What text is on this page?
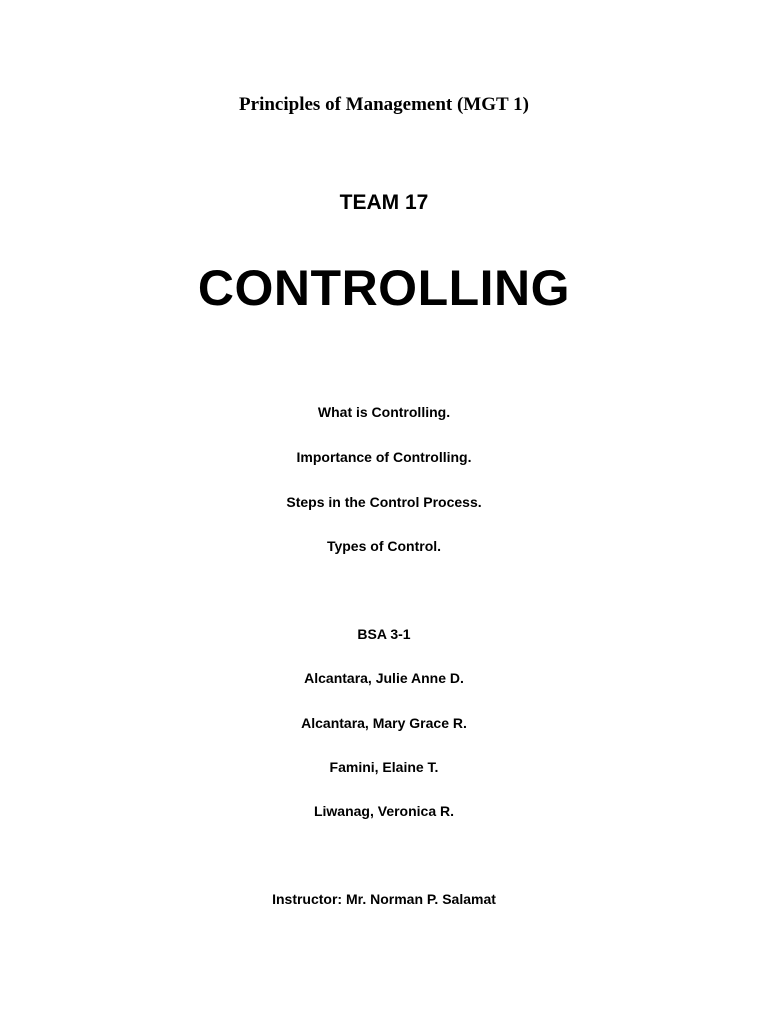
Principles of Management (MGT 1)
TEAM 17
CONTROLLING
What is Controlling.
Importance of Controlling.
Steps in the Control Process.
Types of Control.
BSA 3-1
Alcantara, Julie Anne D.
Alcantara, Mary Grace R.
Famini, Elaine T.
Liwanag, Veronica R.
Instructor: Mr. Norman P. Salamat
